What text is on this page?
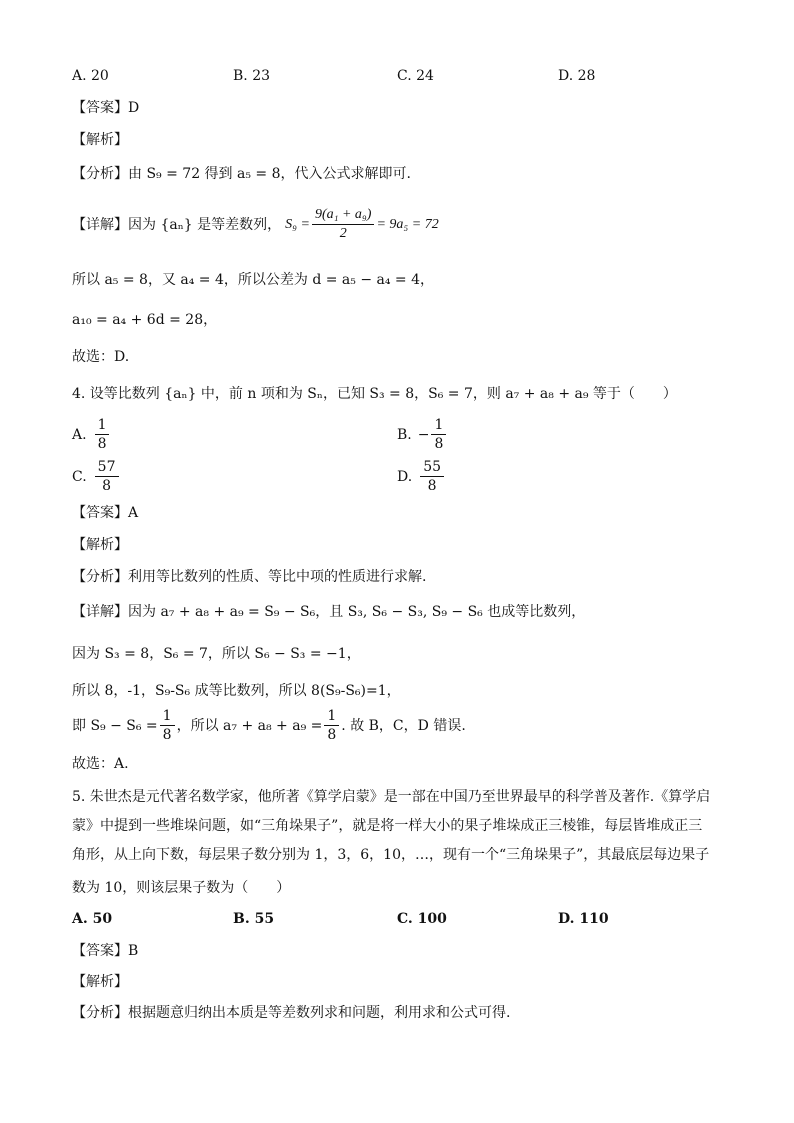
A. 20	B. 23	C. 24	D. 28
【答案】D
【解析】
【分析】由 S₉ = 72 得到 a₅ = 8，代入公式求解即可.
【详解】因为 {aₙ} 是等差数列， $S_9 = \frac{\text{9(a₁ + a₉)}}{2} = 9a_5 = 72$
所以 a₅ = 8，又 a₄ = 4，所以公差为 d = a₅ − a₄ = 4，
a₁₀ = a₄ + 6d = 28，
故选：D.
4. 设等比数列 {aₙ} 中，前 n 项和为 Sₙ，已知 S₃ = 8，S₆ = 7，则 a₇ + a₈ + a₉ 等于（　　）
A. $\frac{1}{8}$	B. − $\frac{1}{8}$
C. $\frac{57}{8}$	D. $\frac{55}{8}$
【答案】A
【解析】
【分析】利用等比数列的性质、等比中项的性质进行求解.
【详解】因为 a₇ + a₈ + a₉ = S₉ − S₆，且 S₃, S₆ − S₃, S₉ − S₆ 也成等比数列，
因为 S₃ = 8，S₆ = 7，所以 S₆ − S₃ = −1，
所以 8，-1，S₉-S₆ 成等比数列，所以 8(S₉-S₆)=1，
即 $S_9 - S_6 = \frac{1}{8}$ ，所以 $a_7 + a_8 + a_9 = \frac{1}{8}$ . 故 B，C，D 错误.
故选：A.
5. 朱世杰是元代著名数学家，他所著《算学启蒙》是一部在中国乃至世界最早的科学普及著作.《算学启
蒙》中提到一些堆垛问题，如“三角垛果子”，就是将一样大小的果子堆垛成正三棱锥，每层皆堆成正三
角形，从上向下数，每层果子数分别为 1，3，6，10，…，现有一个“三角垛果子”，其最底层每边果子
数为 10，则该层果子数为（　　）
A. 50	B. 55	C. 100	D. 110
【答案】B
【解析】
【分析】根据题意归纳出本质是等差数列求和问题，利用求和公式可得.
